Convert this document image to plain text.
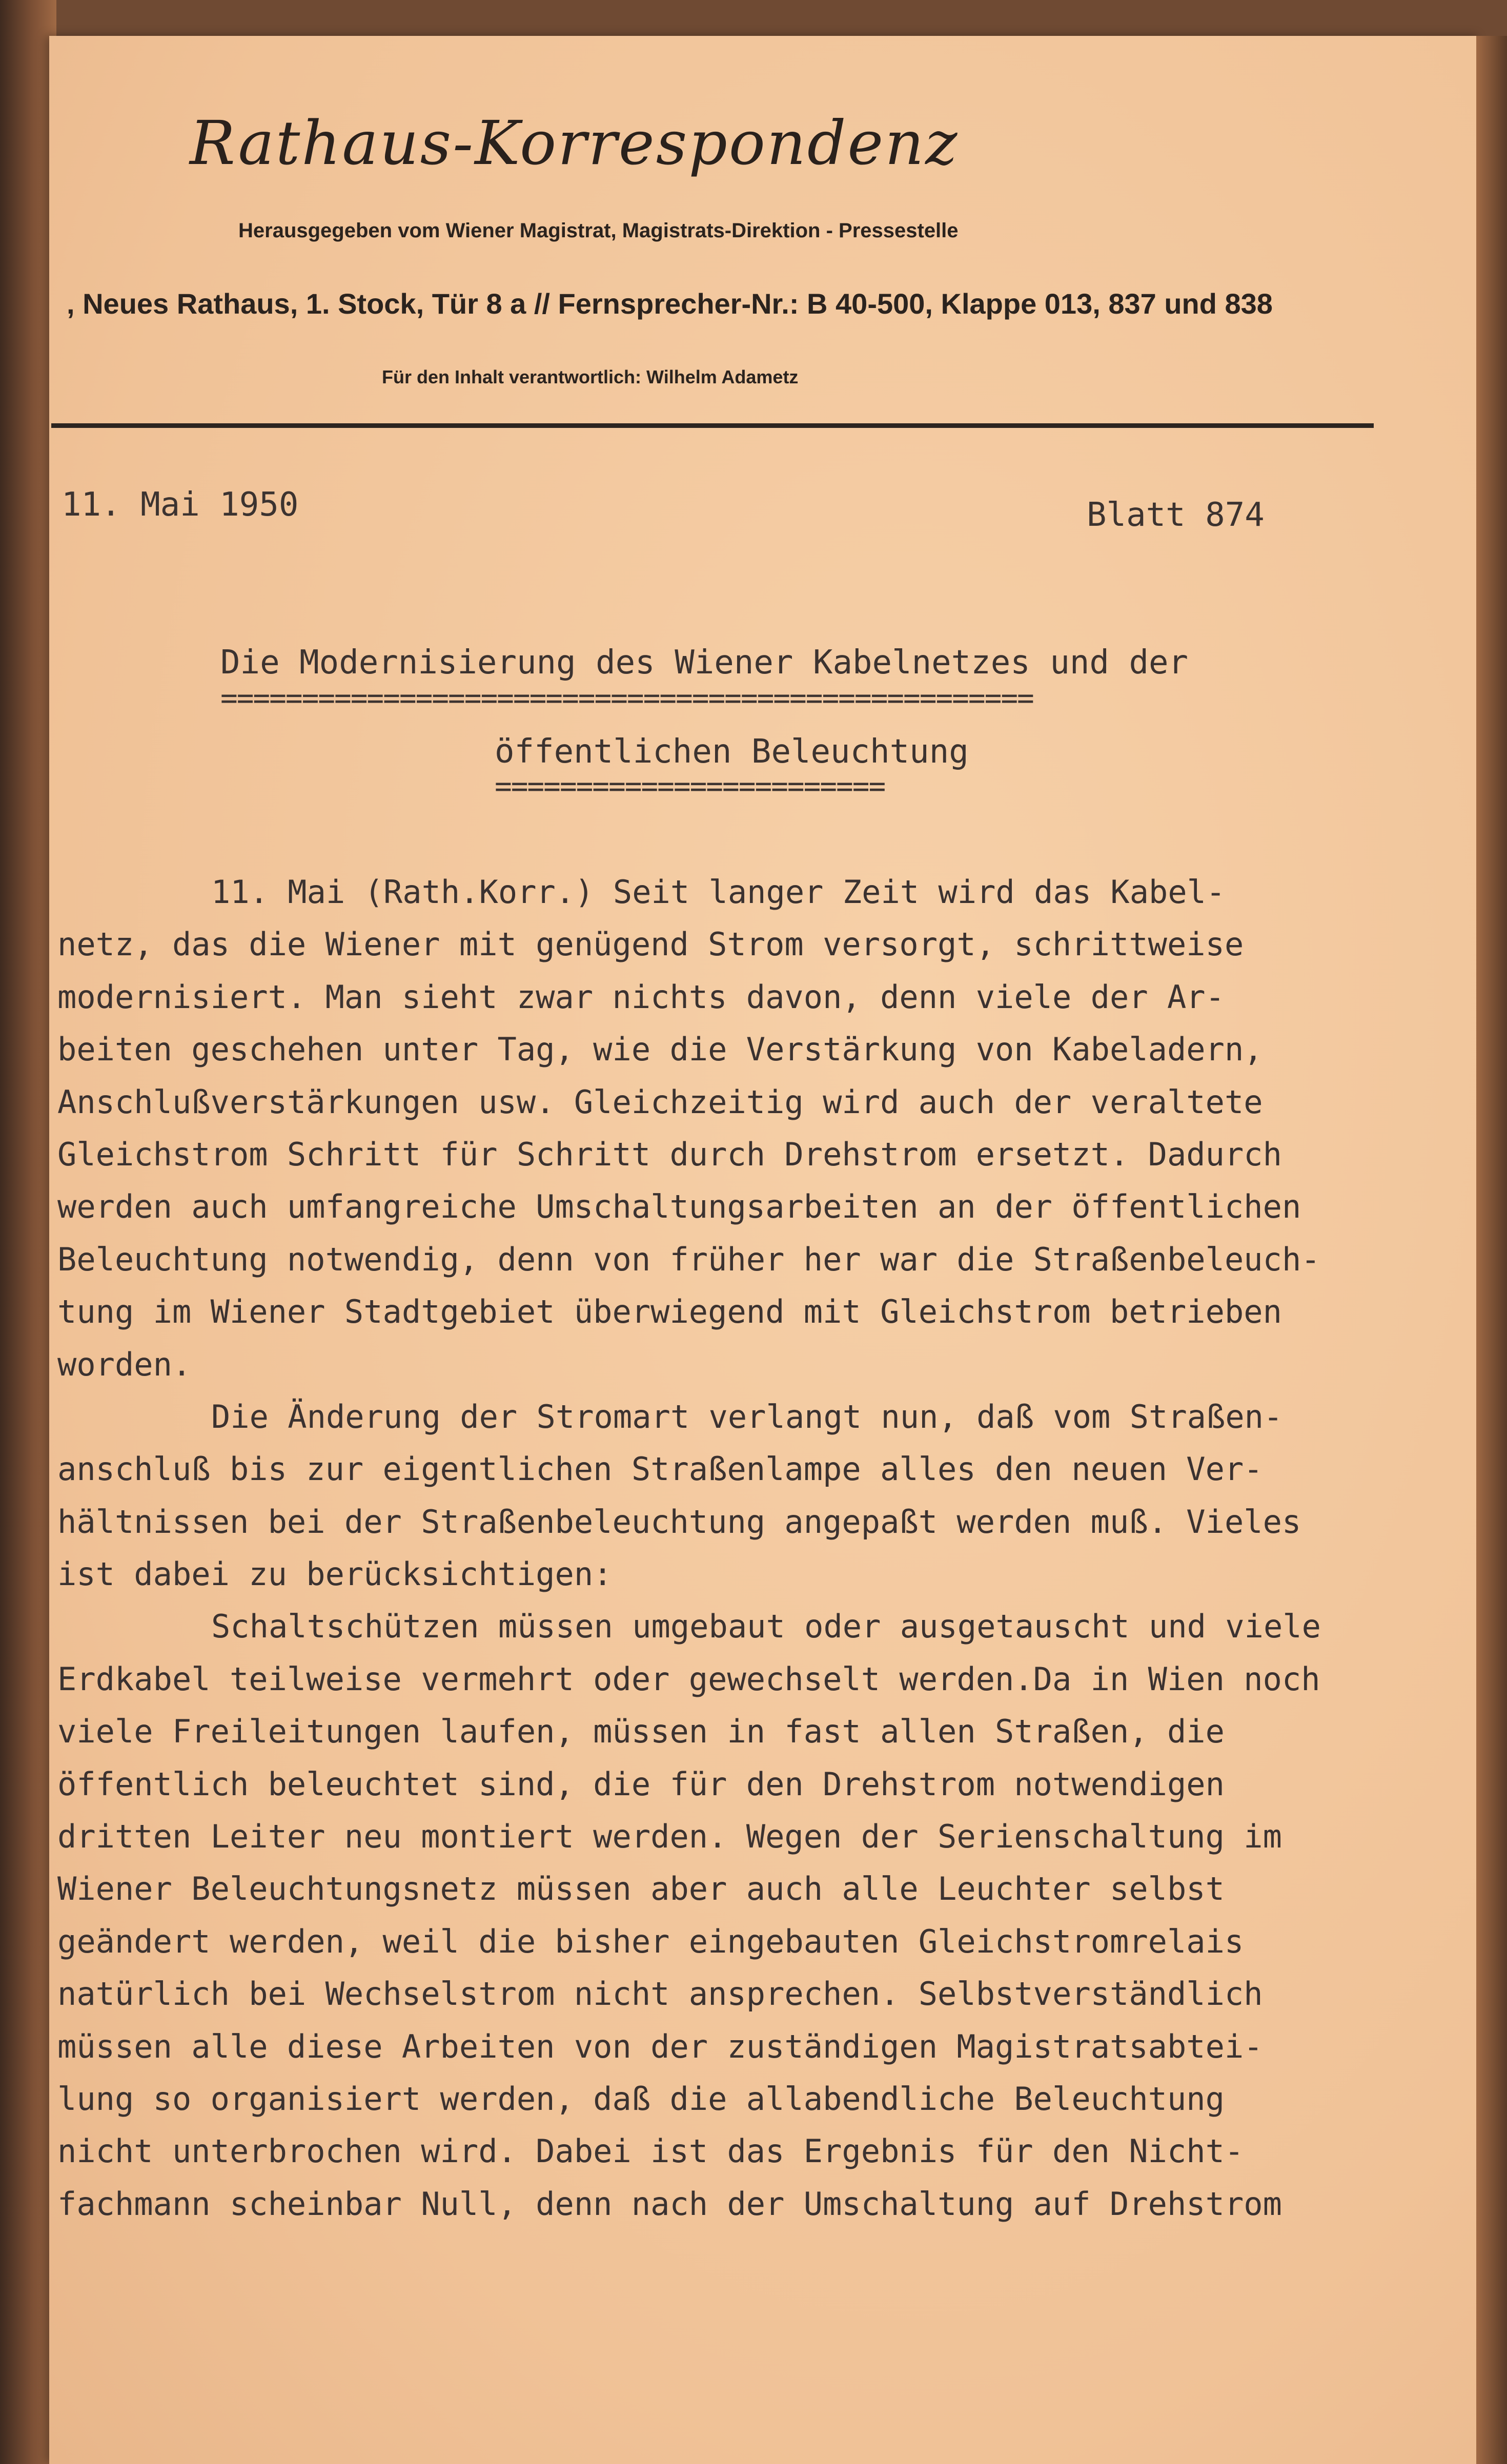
Rathaus-Korrespondenz
Herausgegeben vom Wiener Magistrat, Magistrats-Direktion - Pressestelle
, Neues Rathaus, 1. Stock, Tür 8 a // Fernsprecher-Nr.: B 40-500, Klappe 013, 837 und 838
Für den Inhalt verantwortlich: Wilhelm Adametz
11. Mai 1950	Blatt 874
Die Modernisierung des Wiener Kabelnetzes und der
==================================================
öffentlichen Beleuchtung
========================
11. Mai (Rath.Korr.) Seit langer Zeit wird das Kabel-
netz, das die Wiener mit genügend Strom versorgt, schrittweise
modernisiert. Man sieht zwar nichts davon, denn viele der Ar-
beiten geschehen unter Tag, wie die Verstärkung von Kabeladern,
Anschlußverstärkungen usw. Gleichzeitig wird auch der veraltete
Gleichstrom Schritt für Schritt durch Drehstrom ersetzt. Dadurch
werden auch umfangreiche Umschaltungsarbeiten an der öffentlichen
Beleuchtung notwendig, denn von früher her war die Straßenbeleuch-
tung im Wiener Stadtgebiet überwiegend mit Gleichstrom betrieben
worden.
Die Änderung der Stromart verlangt nun, daß vom Straßen-
anschluß bis zur eigentlichen Straßenlampe alles den neuen Ver-
hältnissen bei der Straßenbeleuchtung angepaßt werden muß. Vieles
ist dabei zu berücksichtigen:
Schaltschützen müssen umgebaut oder ausgetauscht und viele
Erdkabel teilweise vermehrt oder gewechselt werden.Da in Wien noch
viele Freileitungen laufen, müssen in fast allen Straßen, die
öffentlich beleuchtet sind, die für den Drehstrom notwendigen
dritten Leiter neu montiert werden. Wegen der Serienschaltung im
Wiener Beleuchtungsnetz müssen aber auch alle Leuchter selbst
geändert werden, weil die bisher eingebauten Gleichstromrelais
natürlich bei Wechselstrom nicht ansprechen. Selbstverständlich
müssen alle diese Arbeiten von der zuständigen Magistratsabtei-
lung so organisiert werden, daß die allabendliche Beleuchtung
nicht unterbrochen wird. Dabei ist das Ergebnis für den Nicht-
fachmann scheinbar Null, denn nach der Umschaltung auf Drehstrom
